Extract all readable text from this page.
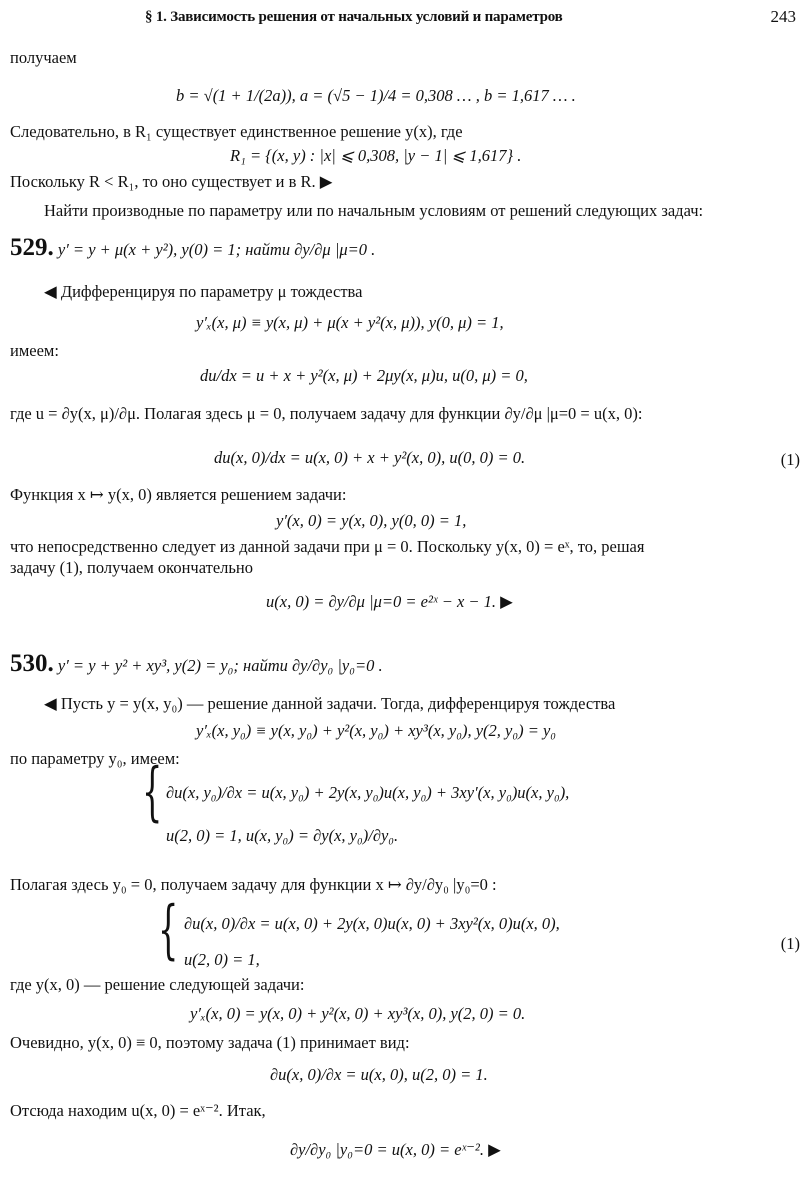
§ 1. Зависимость решения от начальных условий и параметров	243
получаем
b = √(1 + 1/(2a)), a = (√5 − 1)/4 = 0,308 … , b = 1,617 … .
Следовательно, в R₁ существует единственное решение y(x), где
R₁ = {(x, y) : |x| ⩽ 0,308, |y − 1| ⩽ 1,617} .
Поскольку R < R₁, то оно существует и в R. ▶
Найти производные по параметру или по начальным условиям от решений следующих задач:
529. y′ = y + μ(x + y²), y(0) = 1; найти ∂y/∂μ |μ=0 .
◀ Дифференцируя по параметру μ тождества
y′ₓ(x, μ) ≡ y(x, μ) + μ(x + y²(x, μ)), y(0, μ) = 1,
имеем:
du/dx = u + x + y²(x, μ) + 2μy(x, μ)u, u(0, μ) = 0,
где u = ∂y(x, μ)/∂μ. Полагая здесь μ = 0, получаем задачу для функции ∂y/∂μ |μ=0 = u(x, 0):
du(x, 0)/dx = u(x, 0) + x + y²(x, 0), u(0, 0) = 0.	(1)
Функция x ↦ y(x, 0) является решением задачи:
y′(x, 0) = y(x, 0), y(0, 0) = 1,
что непосредственно следует из данной задачи при μ = 0. Поскольку y(x, 0) = eˣ, то, решая
задачу (1), получаем окончательно
u(x, 0) = ∂y/∂μ |μ=0 = e²ˣ − x − 1. ▶
530. y′ = y + y² + xy³, y(2) = y₀; найти ∂y/∂y₀ |y₀=0 .
◀ Пусть y = y(x, y₀) — решение данной задачи. Тогда, дифференцируя тождества
y′ₓ(x, y₀) ≡ y(x, y₀) + y²(x, y₀) + xy³(x, y₀), y(2, y₀) = y₀
по параметру y₀, имеем:
{ ∂u(x, y₀)/∂x = u(x, y₀) + 2y(x, y₀)u(x, y₀) + 3xy′(x, y₀)u(x, y₀),
u(2, 0) = 1, u(x, y₀) = ∂y(x, y₀)/∂y₀.
Полагая здесь y₀ = 0, получаем задачу для функции x ↦ ∂y/∂y₀ |y₀=0 :
{ ∂u(x, 0)/∂x = u(x, 0) + 2y(x, 0)u(x, 0) + 3xy²(x, 0)u(x, 0),
u(2, 0) = 1,
(1)
где y(x, 0) — решение следующей задачи:
y′ₓ(x, 0) = y(x, 0) + y²(x, 0) + xy³(x, 0), y(2, 0) = 0.
Очевидно, y(x, 0) ≡ 0, поэтому задача (1) принимает вид:
∂u(x, 0)/∂x = u(x, 0), u(2, 0) = 1.
Отсюда находим u(x, 0) = eˣ⁻². Итак,
∂y/∂y₀ |y₀=0 = u(x, 0) = eˣ⁻². ▶
